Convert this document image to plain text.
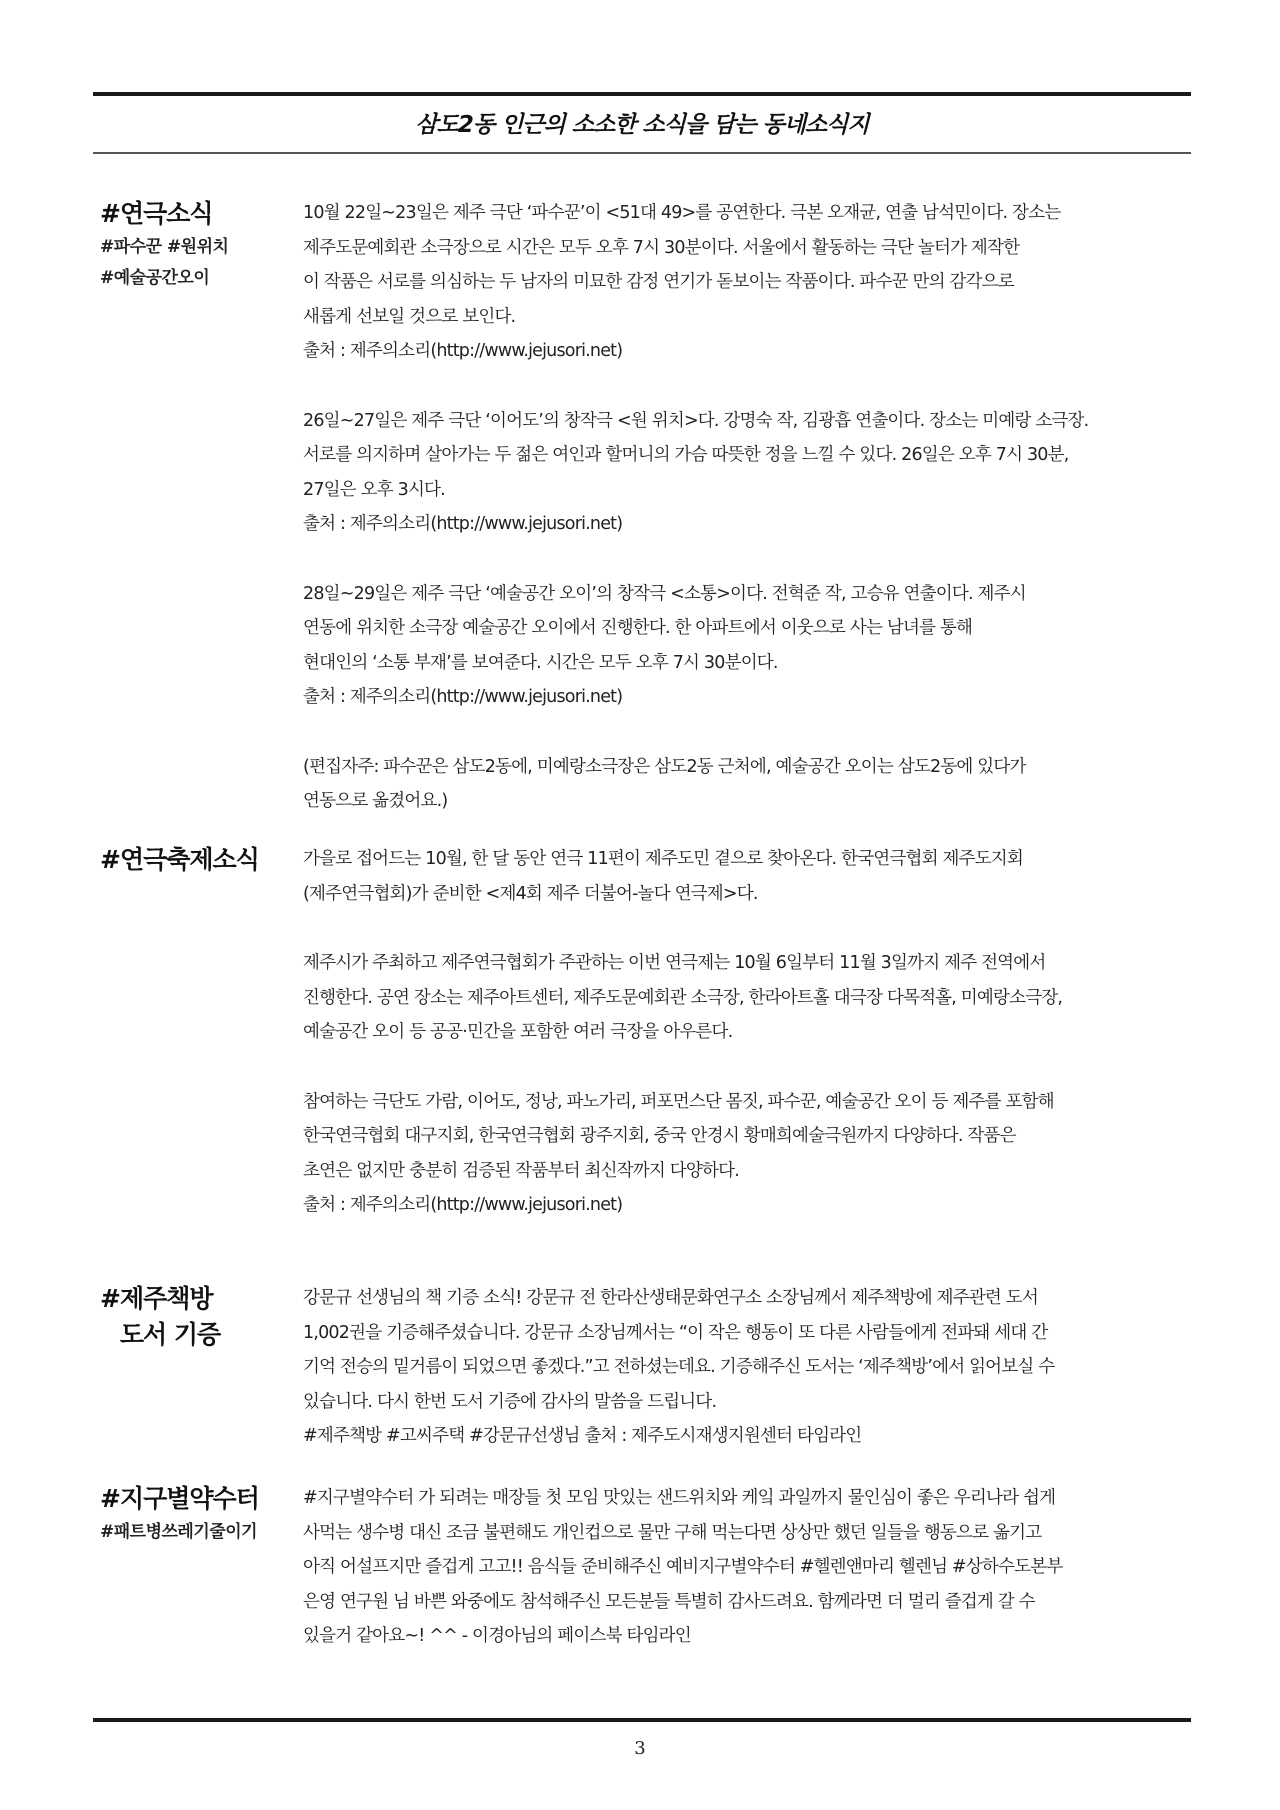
삼도2동 인근의 소소한 소식을 담는 동네소식지
#연극소식
#파수꾼 #원위치
#예술공간오이
10월 22일~23일은 제주 극단 ‘파수꾼’이 <51대 49>를 공연한다. 극본 오재균, 연출 남석민이다. 장소는
제주도문예회관 소극장으로 시간은 모두 오후 7시 30분이다. 서울에서 활동하는 극단 놀터가 제작한
이 작품은 서로를 의심하는 두 남자의 미묘한 감정 연기가 돋보이는 작품이다. 파수꾼 만의 감각으로
새롭게 선보일 것으로 보인다.
출처 : 제주의소리(http://www.jejusori.net)
26일~27일은 제주 극단 ‘이어도’의 창작극 <원 위치>다. 강명숙 작, 김광흡 연출이다. 장소는 미예랑 소극장.
서로를 의지하며 살아가는 두 젊은 여인과 할머니의 가슴 따뜻한 정을 느낄 수 있다. 26일은 오후 7시 30분,
27일은 오후 3시다.
출처 : 제주의소리(http://www.jejusori.net)
28일~29일은 제주 극단 ‘예술공간 오이’의 창작극 <소통>이다. 전혁준 작, 고승유 연출이다. 제주시
연동에 위치한 소극장 예술공간 오이에서 진행한다. 한 아파트에서 이웃으로 사는 남녀를 통해
현대인의 ‘소통 부재’를 보여준다. 시간은 모두 오후 7시 30분이다.
출처 : 제주의소리(http://www.jejusori.net)
(편집자주: 파수꾼은 삼도2동에, 미예랑소극장은 삼도2동 근처에, 예술공간 오이는 삼도2동에 있다가
연동으로 옮겼어요.)
#연극축제소식	가을로 접어드는 10월, 한 달 동안 연극 11편이 제주도민 곁으로 찾아온다. 한국연극협회 제주도지회
(제주연극협회)가 준비한 <제4회 제주 더불어-놀다 연극제>다.
제주시가 주최하고 제주연극협회가 주관하는 이번 연극제는 10월 6일부터 11월 3일까지 제주 전역에서
진행한다. 공연 장소는 제주아트센터, 제주도문예회관 소극장, 한라아트홀 대극장 다목적홀, 미예랑소극장,
예술공간 오이 등 공공·민간을 포함한 여러 극장을 아우른다.
참여하는 극단도 가람, 이어도, 정낭, 파노가리, 퍼포먼스단 몸짓, 파수꾼, 예술공간 오이 등 제주를 포함해
한국연극협회 대구지회, 한국연극협회 광주지회, 중국 안경시 황매희예술극원까지 다양하다. 작품은
초연은 없지만 충분히 검증된 작품부터 최신작까지 다양하다.
출처 : 제주의소리(http://www.jejusori.net)
#제주책방
도서 기증
강문규 선생님의 책 기증 소식! 강문규 전 한라산생태문화연구소 소장님께서 제주책방에 제주관련 도서
1,002권을 기증해주셨습니다. 강문규 소장님께서는 “이 작은 행동이 또 다른 사람들에게 전파돼 세대 간
기억 전승의 밑거름이 되었으면 좋겠다.”고 전하셨는데요. 기증해주신 도서는 ‘제주책방’에서 읽어보실 수
있습니다. 다시 한번 도서 기증에 감사의 말씀을 드립니다.
#제주책방 #고씨주택 #강문규선생님 출처 : 제주도시재생지원센터 타임라인
#지구별약수터
#패트병쓰레기줄이기
#지구별약수터 가 되려는 매장들 첫 모임 맛있는 샌드위치와 케잌 과일까지 물인심이 좋은 우리나라 쉽게
사먹는 생수병 대신 조금 불편해도 개인컵으로 물만 구해 먹는다면 상상만 했던 일들을 행동으로 옮기고
아직 어설프지만 즐겁게 고고!! 음식들 준비해주신 예비지구별약수터 #헬렌앤마리 헬렌님 #상하수도본부
은영 연구원 님 바쁜 와중에도 참석해주신 모든분들 특별히 감사드려요. 함께라면 더 멀리 즐겁게 갈 수
있을거 같아요~! ^^ - 이경아님의 페이스북 타임라인
3
